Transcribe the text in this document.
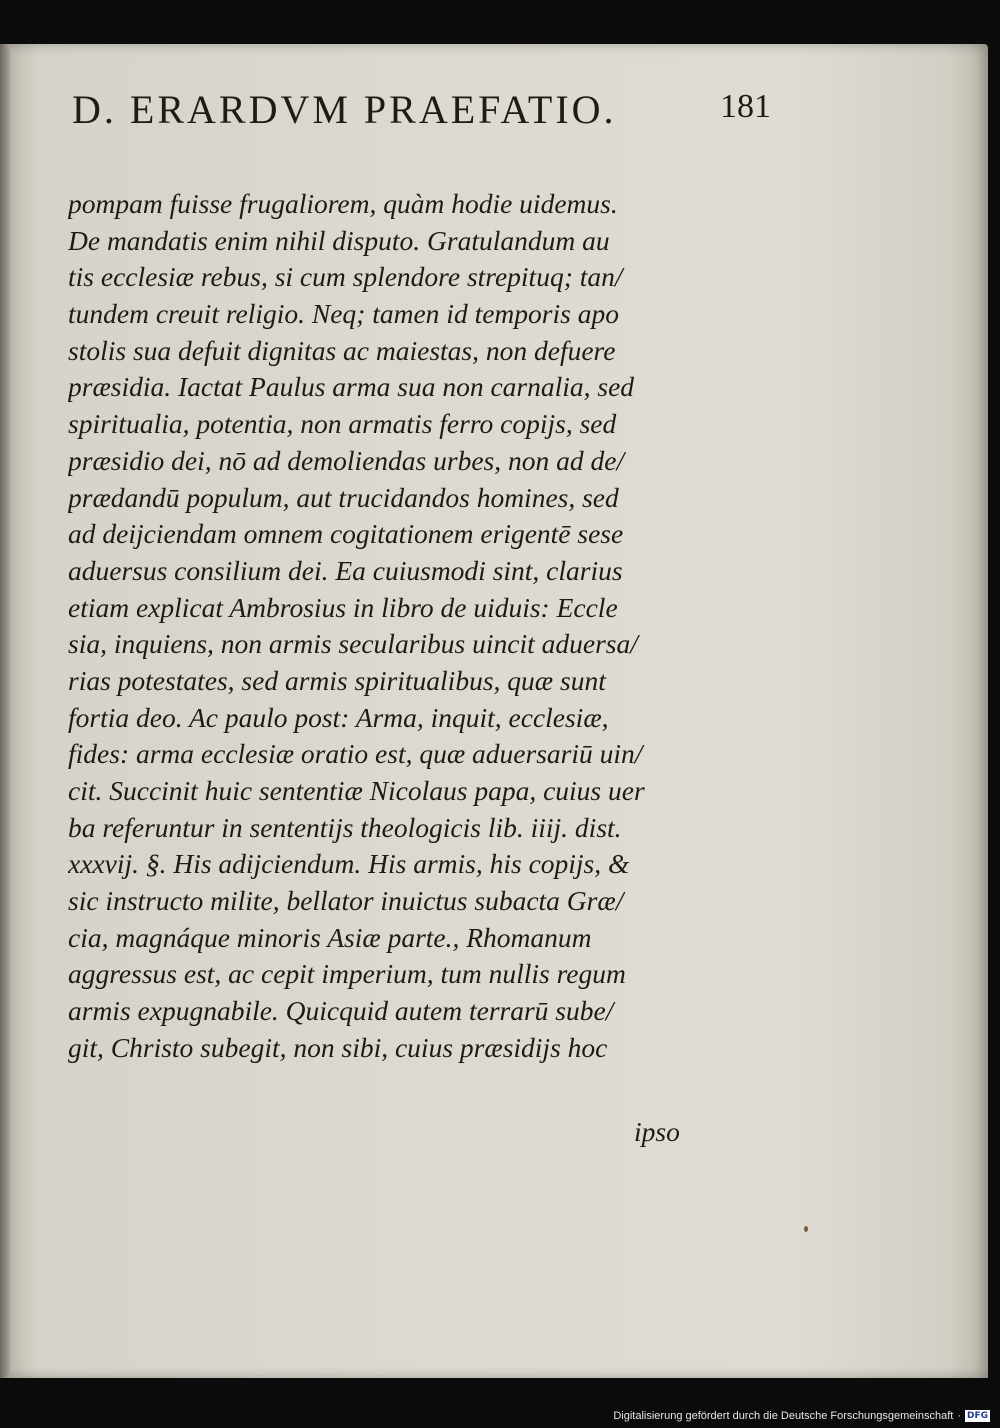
D. ERARDVM PRAEFATIO.	181
pompam fuisse frugaliorem, quàm hodie uidemus.
De mandatis enim nihil disputo. Gratulandum au
tis ecclesiæ rebus, si cum splendore strepituq; tan/
tundem creuit religio. Neq; tamen id temporis apo
stolis sua defuit dignitas ac maiestas, non defuere
præsidia. Iactat Paulus arma sua non carnalia, sed
spiritualia, potentia, non armatis ferro copijs, sed
præsidio dei, nō ad demoliendas urbes, non ad de/
prædandū populum, aut trucidandos homines, sed
ad deijciendam omnem cogitationem erigentē sese
aduersus consilium dei. Ea cuiusmodi sint, clarius
etiam explicat Ambrosius in libro de uiduis: Eccle
sia, inquiens, non armis secularibus uincit aduersa/
rias potestates, sed armis spiritualibus, quæ sunt
fortia deo. Ac paulo post: Arma, inquit, ecclesiæ,
fides: arma ecclesiæ oratio est, quæ aduersariū uin/
cit. Succinit huic sententiæ Nicolaus papa, cuius uer
ba referuntur in sententijs theologicis lib. iiij. dist.
xxxvij. §. His adijciendum. His armis, his copijs, &
sic instructo milite, bellator inuictus subacta Græ/
cia, magnáque minoris Asiæ parte., Rhomanum
aggressus est, ac cepit imperium, tum nullis regum
armis expugnabile. Quicquid autem terrarū sube/
git, Christo subegit, non sibi, cuius præsidijs hoc
ipso
Digitalisierung gefördert durch die Deutsche Forschungsgemeinschaft · DFG
